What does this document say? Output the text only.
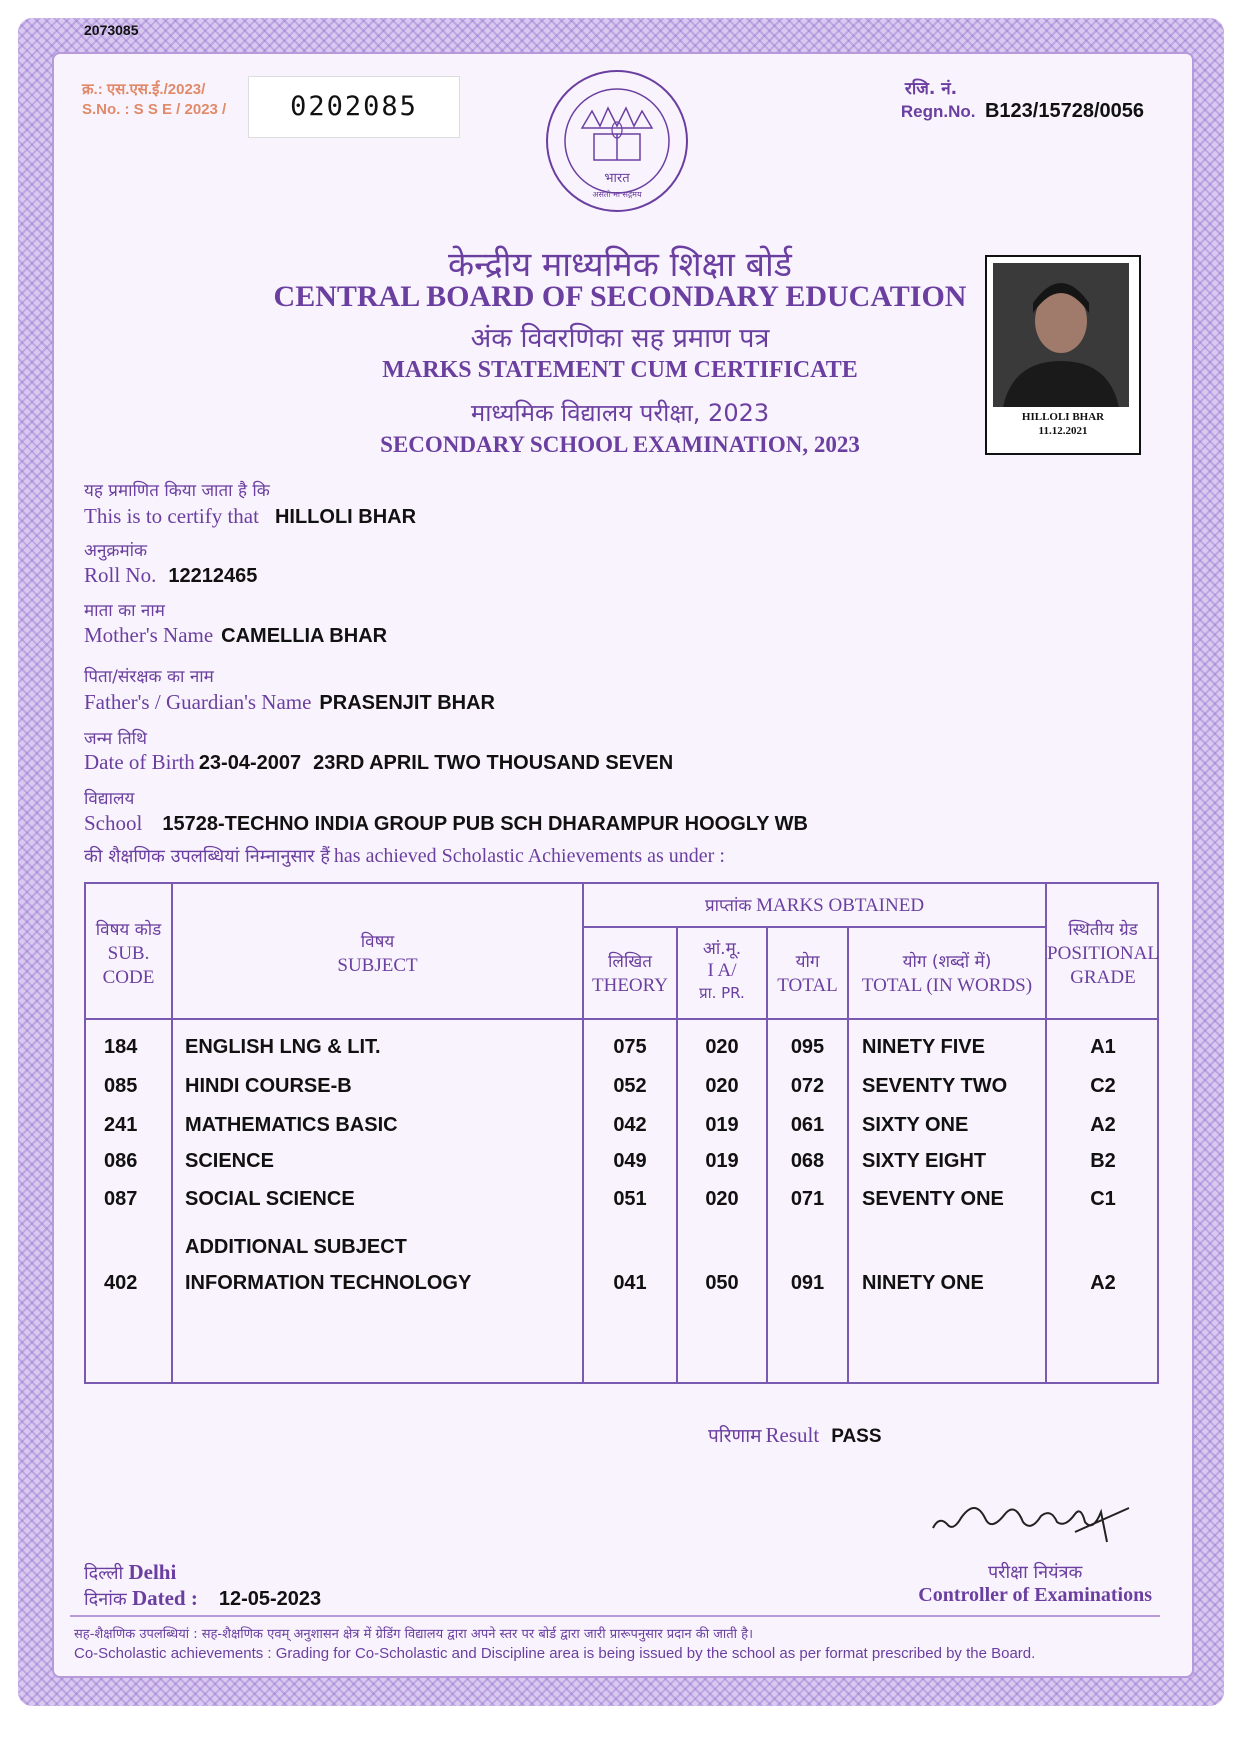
2073085
क्र.: एस.एस.ई./2023/
S.No. : S S E / 2023 /	0202085
रजि. नं.
Regn.No. B123/15728/0056
भारत
असतो मा सद्गमय
केन्द्रीय माध्यमिक शिक्षा बोर्ड
CENTRAL BOARD OF SECONDARY EDUCATION
अंक विवरणिका सह प्रमाण पत्र
MARKS STATEMENT CUM CERTIFICATE
माध्यमिक विद्यालय परीक्षा, 2023
SECONDARY SCHOOL EXAMINATION, 2023
HILLOLI BHAR
11.12.2021
यह प्रमाणित किया जाता है कि
This is to certify that HILLOLI BHAR
अनुक्रमांक
Roll No. 12212465
माता का नाम
Mother's Name CAMELLIA BHAR
पिता/संरक्षक का नाम
Father's / Guardian's Name PRASENJIT BHAR
जन्म तिथि
Date of Birth 23-04-2007 23RD APRIL TWO THOUSAND SEVEN
विद्यालय
School 15728-TECHNO INDIA GROUP PUB SCH DHARAMPUR HOOGLY WB
की शैक्षणिक उपलब्धियां निम्नानुसार हैं has achieved Scholastic Achievements as under :
विषय कोड
SUB.
CODE
विषय
SUBJECT
प्राप्तांक MARKS OBTAINED
लिखित
THEORY
आं.मू.
I A/
प्रा. PR.
योग
TOTAL
योग (शब्दों में)
TOTAL (IN WORDS)
स्थितीय ग्रेड
POSITIONAL
GRADE
184	ENGLISH LNG & LIT.	075	020	095	NINETY FIVE	A1
085	HINDI COURSE-B	052	020	072	SEVENTY TWO	C2
241	MATHEMATICS BASIC	042	019	061	SIXTY ONE	A2
086	SCIENCE	049	019	068	SIXTY EIGHT	B2
087	SOCIAL SCIENCE	051	020	071	SEVENTY ONE	C1
ADDITIONAL SUBJECT
402	INFORMATION TECHNOLOGY	041	050	091	NINETY ONE	A2
परिणाम Result PASS
दिल्ली Delhi
दिनांक Dated : 12-05-2023
परीक्षा नियंत्रक
Controller of Examinations
सह-शैक्षणिक उपलब्धियां : सह-शैक्षणिक एवम् अनुशासन क्षेत्र में ग्रेडिंग विद्यालय द्वारा अपने स्तर पर बोर्ड द्वारा जारी प्रारूपनुसार प्रदान की जाती है।
Co-Scholastic achievements : Grading for Co-Scholastic and Discipline area is being issued by the school as per format prescribed by the Board.
